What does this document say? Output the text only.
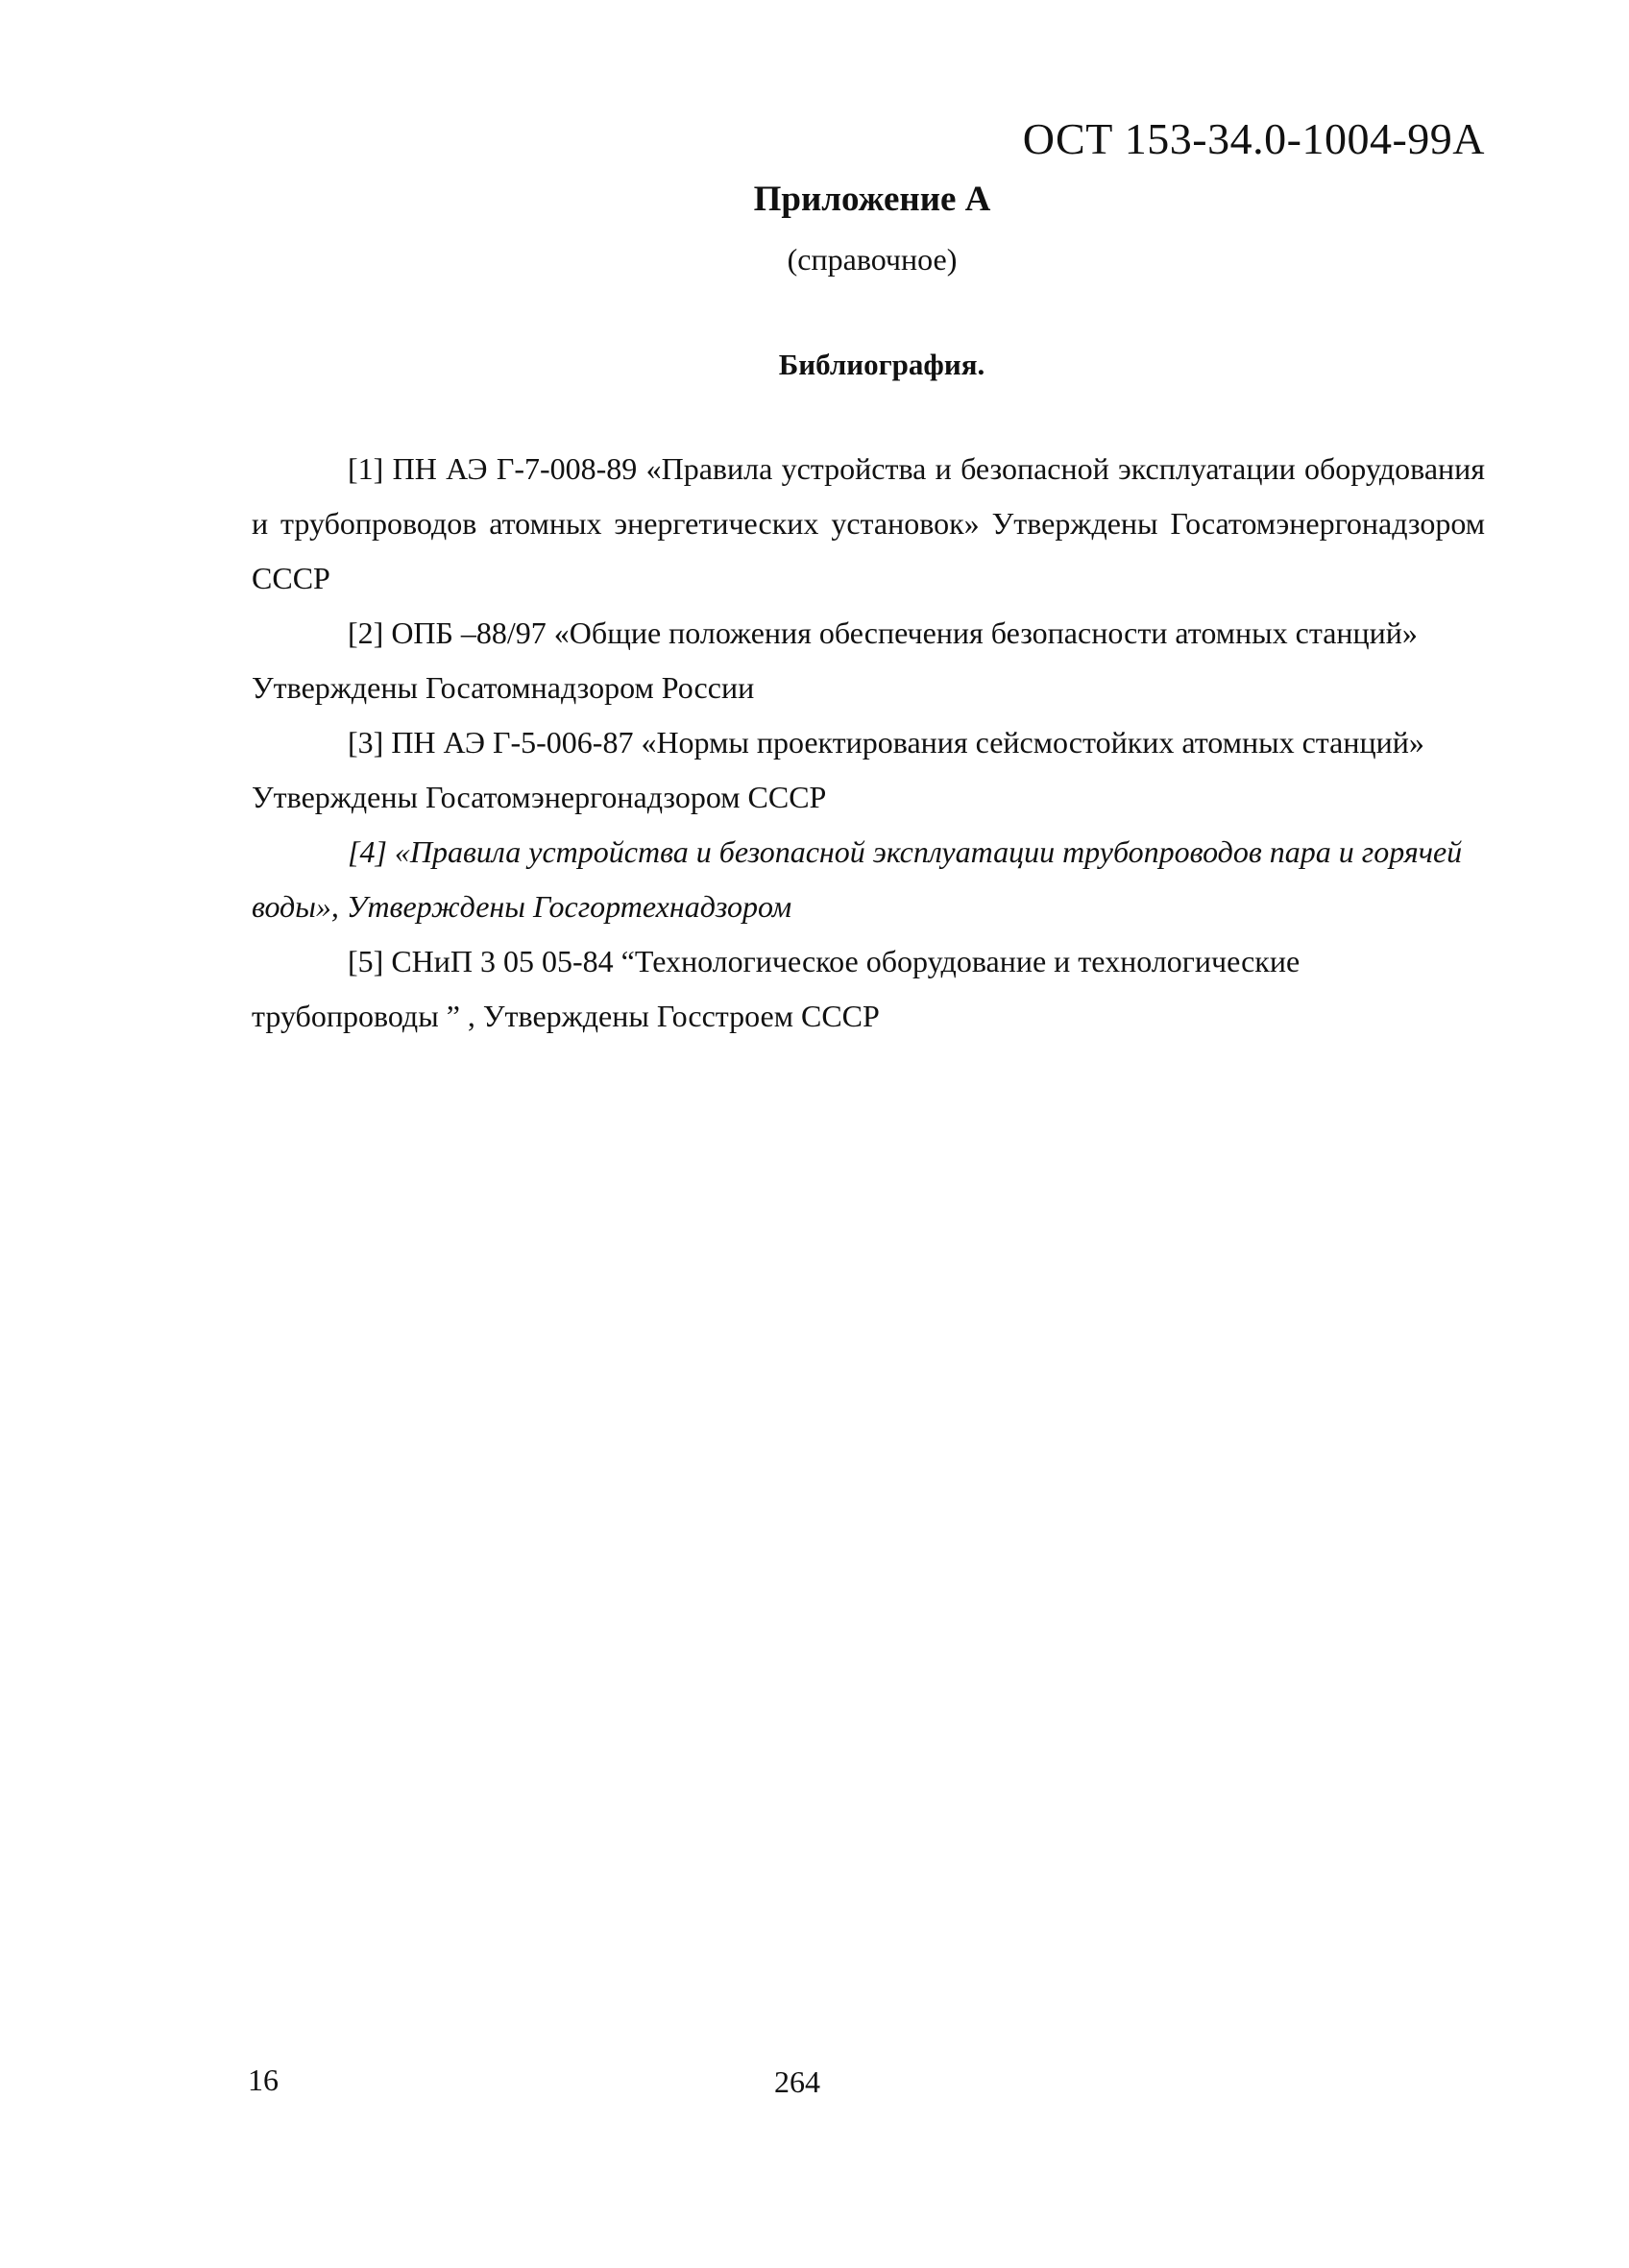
ОСТ 153-34.0-1004-99А
Приложение А
(справочное)
Библиография.

[1] ПН АЭ Г-7-008-89 «Правила устройства и безопасной эксплуатации оборудования и трубопроводов атомных энергетических установок» Утверждены Госатомэнергонадзором СССР

[2] ОПБ –88/97 «Общие положения обеспечения безопасности атомных станций» Утверждены Госатомнадзором России

[3] ПН АЭ Г-5-006-87 «Нормы проектирования сейсмостойких атомных станций» Утверждены Госатомэнергонадзором СССР

[4] «Правила устройства и безопасной эксплуатации трубопроводов пара и горячей воды», Утверждены Госгортехнадзором

[5] СНиП 3 05 05-84 “Технологическое оборудование и технологические трубопроводы ” , Утверждены Госстроем СССР

16	264
